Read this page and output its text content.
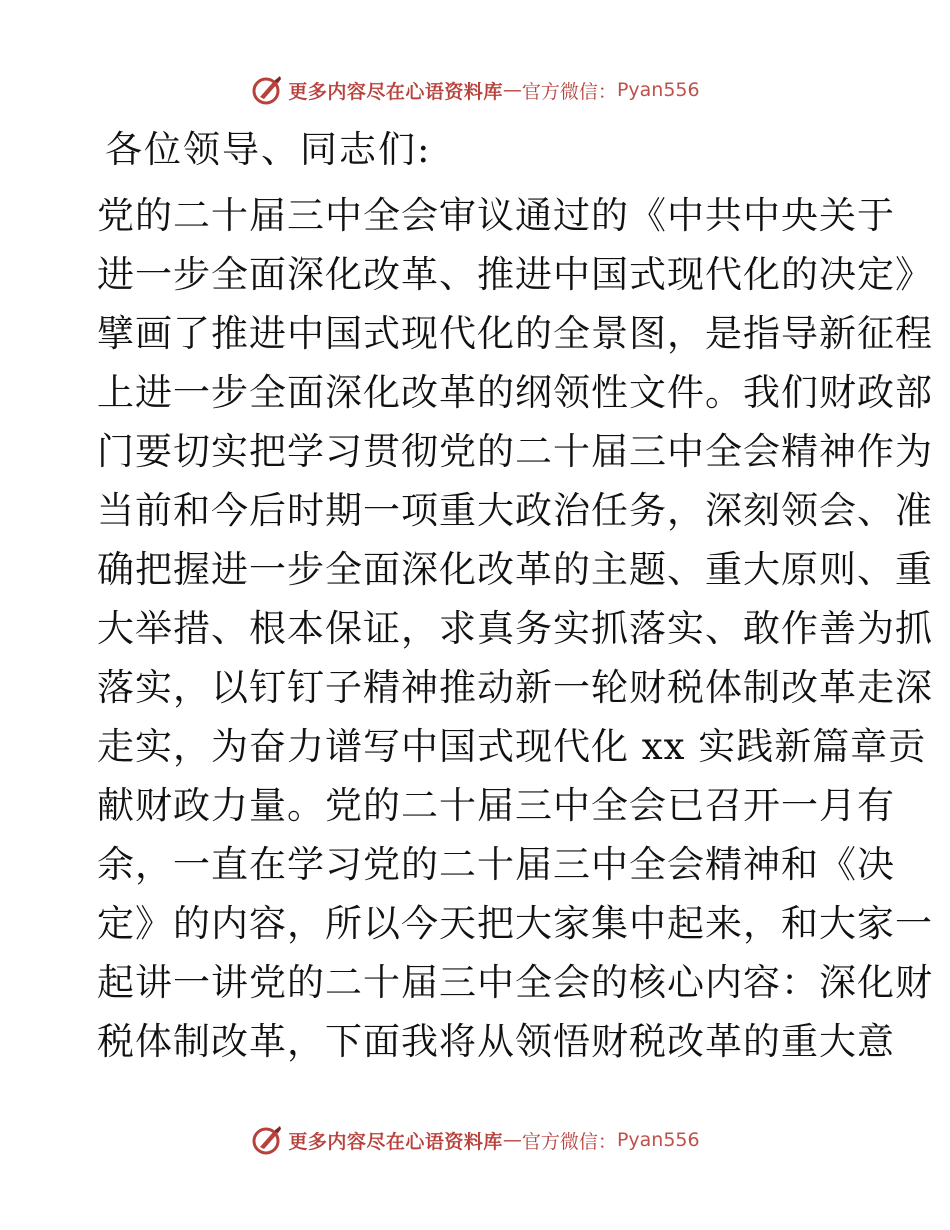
更多内容尽在心语资料库 — 官方微信： Pyan556
各位领导、同志们:
党的二十届三中全会审议通过的《中共中央关于
进一步全面深化改革、推进中国式现代化的决定》
擘画了推进中国式现代化的全景图，是指导新征程
上进一步全面深化改革的纲领性文件。我们财政部
门要切实把学习贯彻党的二十届三中全会精神作为
当前和今后时期一项重大政治任务，深刻领会、准
确把握进一步全面深化改革的主题、重大原则、重
大举措、根本保证，求真务实抓落实、敢作善为抓
落实，以钉钉子精神推动新一轮财税体制改革走深
走实，为奋力谱写中国式现代化 xx 实践新篇章贡
献财政力量。党的二十届三中全会已召开一月有
余，一直在学习党的二十届三中全会精神和《决
定》的内容，所以今天把大家集中起来，和大家一
起讲一讲党的二十届三中全会的核心内容：深化财
税体制改革，下面我将从领悟财税改革的重大意
更多内容尽在心语资料库 — 官方微信： Pyan556
